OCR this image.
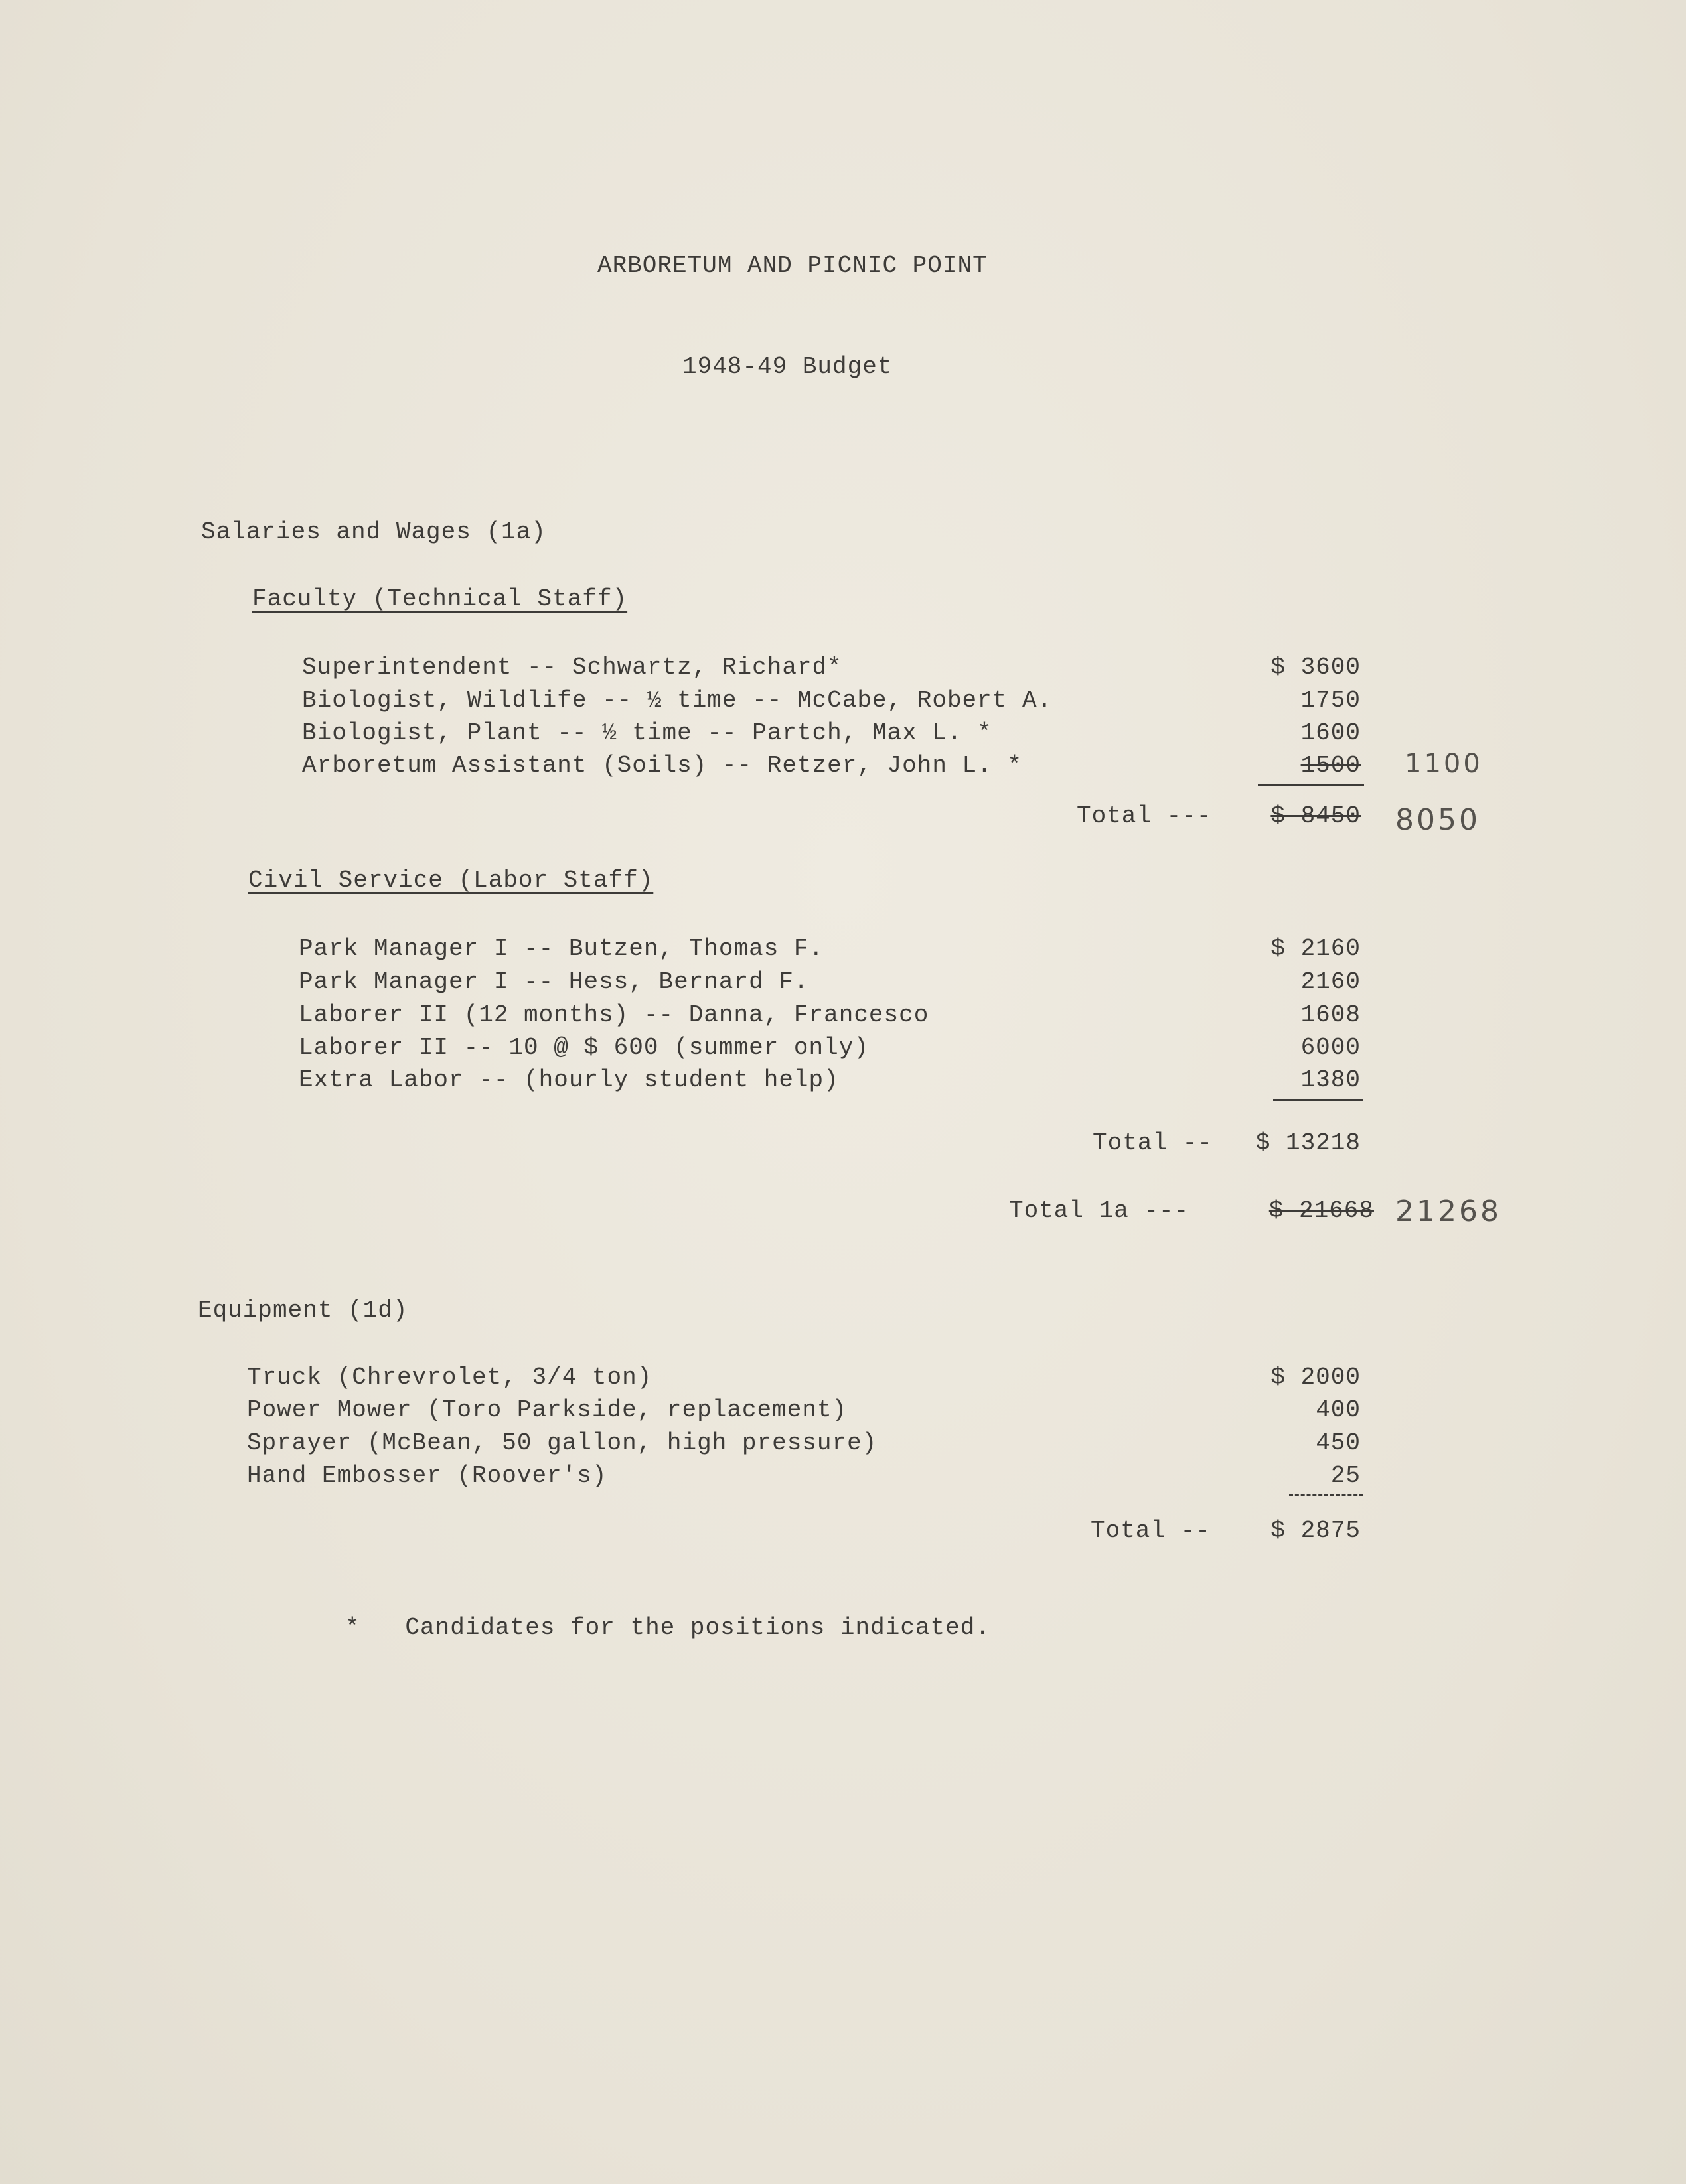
ARBORETUM AND PICNIC POINT
1948-49 Budget
Salaries and Wages (1a)
Faculty (Technical Staff)
Superintendent -- Schwartz, Richard*	$ 3600
Biologist, Wildlife -- ½ time -- McCabe, Robert A.	1750
Biologist, Plant -- ½ time -- Partch, Max L. *	1600
Arboretum Assistant (Soils) -- Retzer, John L. *	1500 1100
Total ---	$ 8450 8050
Civil Service (Labor Staff)
Park Manager I -- Butzen, Thomas F.	$ 2160
Park Manager I -- Hess, Bernard F.	2160
Laborer II (12 months) -- Danna, Francesco	1608
Laborer II -- 10 @ $ 600 (summer only)	6000
Extra Labor -- (hourly student help)	1380
Total --	$ 13218
Total 1a ---	$ 21668 21268
Equipment (1d)
Truck (Chrevrolet, 3/4 ton)	$ 2000
Power Mower (Toro Parkside, replacement)	400
Sprayer (McBean, 50 gallon, high pressure)	450
Hand Embosser (Roover's)	25
Total --	$ 2875
*   Candidates for the positions indicated.
